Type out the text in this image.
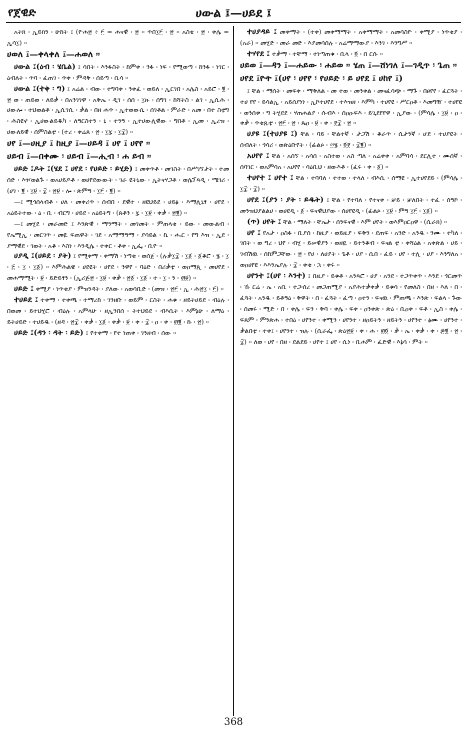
የጀዊድ	ሀውል ፤—ሀይደ ፤

አትክ ፡ ኢይክን ፡ ሁከት ፤ (ዮሐ፳ ፥ ፫ = ሐናዊ ፡ ፳ ። ጥበ፲፫ ፡ ፳ ። አስቴ ፡ ፳ ፡ ቀሌ = ኢሳ፲) ።

ሀወለ ፤—ቀላቀለ ፤—ሐወለ ።

ሀውል ፤(ዕብ ፡ ሄቤል) ፤ ሳበት ፡ እንፋስት ፡ ከምቀ ፡ ንፋ ፡ ነፍ ፡ የሚወጣ ፡ ከንፋ ፡ ነገር ፡ ዕብለት ፡ ጥባ ፡ ፈጠገ ፡ ጥቀ ፡ ምዳቅ ፡ ሰይጣ ፡ ቢሳ ።

ሀውል ፤(ተቀ ፡ ግ) ፤ አሬል ፡ ብው ፡ ተግባቀ ፡ ንቀፈ ፡ ወይለ ፡ ኢርገበ ፡ አሌስ ፡ አይሮ ፡ ፪ ፡ ፳ ወ ፡ ጠይወ ፡ ለይቃ ፡ በአንገገዋ ፡ አቅኤ ፡ ዲገ ፡ ሰሰ ፡ ፲ዙ ፡ ሰግገ ፡ ከሻትስ ፡ ልገ ፡ ኢሲሕ ፡ ሀውሎ ፡ ተህወልቶ ፡ ኢሲገሲ ፡ ቃል ፡ በዘ ሐጥ ፡ ኢተወውሴ ፡ ሰገቶል ፡ ምራድ ፡ አመ ፡ በተ ስቲግ ፡ ሕስዩኖ ፡ ኢሀውልይዱካ ፡ ለዓርስተን ፡ ኒ ፡ ተንዓ ፡ ኢተሀውሊዊው ፡ ግበቶ ፡ ኢመ ፡ ኢረዝ ፡ ሀውለይዊ ፡ ሰምስልቲ ፡ (ተረ ፡ ቀሬጸ ፡ ፳ ፡ ፲፯ ፡ ፲፰) ።

ሀየ ፤—ሀዚያ ፤ ከዚያ ፤—ሀይዳ ፤ ሀየ ፤ ሀየየ ።

ሀይብ ፤—በቀሙ ፡ ሀይብ ፤—ሒብ ፡ ሐ ይብ ።

ሀይድ ፤ዶት ፤(ሄደ ፤ ሀየደ ፡ የሀይድ ፡ ይሂድ) ፤ መቀጥቶ ፡ መገስት ፡ በሥገኘታት ፡ ተመ ሰድ ፡ እዦወልጉ ፡ ወአሀይዶቶ ፡ ወሀየደውውት ፡ ገራ ዩትኒው ፡ ኢትናሃጋቶ ፡ ወሌፕጻዲ ፡ ሜገሪ ፡ (ሀገ ፡ ፪ ፡ ፲፱ ፡ ፰ ፡ ፳፱ ፡ ሎ ፡ ጽምዓ ፡ ፲፫ ፡ ፪) ።

—፤ ሚጎሰላብቶ ፡ ሀለ ፡ መቀሪጥ ፡ ሰብበ ፡ ደዊተ ፡ ዘዩህይደ ፡ ሀይፅ ፡ እማሊኒፃ ፡ ሀየደ ፡ አዕይትተው ፡ ዕ ፡ ቢ ፡ ብርግ ፡ ሀይደ ፡ አዕይትግ ፡ (ጸቶን ፡ ፯ ፡ ፲፱ ፡ ቀቃ ፡ ፳፪) ።

—፤ መሂደ ፡ መራመድ ፤ እንጽዊ ፡ ማንማት ፡ መገመት ፡ ምጠላቂ ፡ ይው ፡ መውልብ ፡ የኤሚኢ ፡ መርገጥ ፡ መዪ ፍጠዋት ፡ ገደ ፡ አማማዓማ ፡ ያሳይል ፡ ኬ ፡ ሑር ፡ የግ እዝ ፡ ኢደ ፡ ያማዊደ ፡ ገወት ፡ አቆ ፡ እስነ ፡ እንዲሌ ፡ ተቀር ፡ ቶቀ ፡ ኢፌ ፡ ቢዮ ።

ሀያዲ ፤(ሀይደ ፡ ያት) ፤ የሚቀማ ፡ ቀማሽ ፡ ነጣቂ ፡ ወሰጀ ፡ (ሉቃ፲፰ ፡ ፲፩ ፡ ፩ቆሮ ፡ ፮ ፡ ፲ ፡ ፭ ፡ ፲ ፡ ፲፩) ። እምሕልዌ ፡ ሀደዩት ፡ ሀየደ ፡ ንዋየ ፡ ባዕድ ፡ በሪቃቲ ፡ ወዐማጺ ፡ መሀየደ ፡ መሐማሚት ፡ ፱ ፡ ይድይፃን ፡ (ኢሪጅ፳ ፡ ፲፱ ፡ ቀቃ ፡ ፳፩ ፡ ፲፩ ፡ ተ ፡ ፲ ፡ ን ፡ ፴፱) ።

ሀይድ ፤ ቀሚያ ፡ ነጥቂያ ፡ ምዝንዳት ፡ ያለው ፡ አወሳቢድ ፡ (መዝ ፡ ፳፫ ፡ ኢ ፡ ሕ፳፲ ፡ ፫) ።

ተሀይደ ፤ ተቀማ ፡ ተቀጫ ፡ ተማረከ ፡ ገንዘቡ ፡ ወይም ፡ ርስት ፡ ሐቁ ፡ ዘይትሀይደ ፡ ብዕሉ ፡ በወመ ፡ ይተህሂሮ ፡ ብዕሉ ፡ አምላሁ ፡ ዘኢንበሰ ፡ ትተህይደ ፡ ብእሲት ፡ እምኔሁ ፡ ለማዕ ፡ ይትሀይድ ፡ ተሀይዱ ፡ (ዘዳ ፡ ፳፰ ፡ ቀቃ ፡ ፲፩ ፡ ቀቃ ፡ ፱ ፡ ቀ ፡ ፰ ፡ ዐ ፡ ቀ ፡ ፴፪ ፡ ኩ ፡ ፳) ።

ሀይድ ፤(ዳን ፡ ዳት ፡ ይድ) ፤ የተቀማ ፡ የተ ነጠቀ ፡ ገንዘብ ፡ ሰው ።

ተሀያዳይ ፤ መቀማት ፡ (ተቀ) መቀማማት ፡ አቀማማት ፡ አመሳስዮ ፡ ቀሚያ ፡ ነጥቂያ ፡ (አራ) ። መሂድ ፡ መራ መድ ፡ እያመሳሰሉ ፡ አሬማማውያ ፡ እንገ ፡ እንግሥ ።

ተሃየደ ፤ ተቃማ ፡ ተቸማ ፡ ተነጣጠቁ ፡ ቢላ ፡ ፬ ፡ በ ርሱ ።

ሀይወ ፤—ዳን ፤—ሐይው ፡ ሐይወ ። ሄጠ ፤—ሸነገለ ፤—ገዲጥ ፡ ጌጠ ።

ሀየደ ፤ዮት ፤(ሀየ ፡ ሀየየ ፡ የሀይድ ፡ ይ ሀየደ ፤ ሀከየ ፤)

፤ ቸል ፡ ማሰት ፡ መፍቀ ፡ ማቅለል ፡ መ ተወ ፡ መንቀል ፡ መናፈሳጭ ፡ ማጉ ፡ በፀየየ ፡ ፈርጓት ፡ ተሀ የየ ፡ ይሳልኢ ፡ አይሰያነነ ፡ ኢኮተሀየደ ፡ ተእዝዘ ፡ እምካ ፡ ተሀየዩ ፡ ሥርዐቶ ፡ እመግዥ ፡ ተሀየዩ ፡ ወንሰቱ ፡ ግ ትሂደደ ፡ ሃጠሐልያ ፡ ሱብእ ፡ ሰዐዑፍእ ፡ ይጊደየየዋ ፡ ኢያው ፡ (ምሳሌ ፡ ፲፱ ፡ ዐ ፡ ቀቃ ፡ ጥቂጹቲ ፡ ፳፫ ፡ ፳ ፡ ጼዐ ፡ ፱ ፡ ቀ ፡ ፻፰ ፡ ፳ ።

ሀያዩ ፤(ተሀያዩ ፤) ቸል ፡ ባይ ፡ ቸልተኛ ፡ ታጋሽ ፡ ቆራጥ ፡ ሲታንኛ ፡ ሆደ ፡ ተሀያዩት ፡ ሰብለት ፡ ጎሳሪ ፡ ወጽዕቡየት ፡ (ፊልጶ ፡ ፵፮ ፡ ፬፻ ፡ ፰፪) ።

አሀየየ ፤ ቸል ፡ አሰኘ ፡ አሳሰ ፡ አስተወ ፡ አስ ጣለ ፡ አሬቀቀ ፡ አምባሳ ፡ ደርሊተ ፡ ሙሰኛ ፡ ሰባገር ፡ ወአምሳአ ፡ አሀየየ ፡ ሳዕቢህ ፡ ዘውእቶ ፡ (ፈሩ ፡ ቀ ፡ ፩) ።

ተሀየተ ፤ ሀየተ ፤ ቸል ፡ ተባባለ ፡ ተተወ ፡ ተላለ ፡ ብእሲ ፡ ሰማዩ ፡ ኢተሀየደይ ፡ (ምሳሌ ፡ ፲፰ ፡ ፰) ።

ሀየደ ፤(ያን ፡ ያት ፡ ይዱት) ፤ ቸል ፡ የተባለ ፡ የተናቀ ፡ ቻይ ፡ ቻለበት ፡ ተፈ ፡ ሰዓኮ ፡ መንዝህያልልሀ ፡ ወሀዩዲ ፡ ፩ ፡ ፍናዊህያው ፡ ሰሀየዩዲ ፡ (ፊልጶ ፡ ፲፱ ፡ ምዓ ፲፫ ፡ ፲፩) ።

(ጥ) ሀየት ፤ ቸል ፡ ማለት ፡ ቸኤታ ፡ ሰንፍናዊ ፡ እም ሀየት ፡ ወእምዐርዐዋ ፡ (ሲራክ) ።

ሀየ ፤ የአታ ፡ ዐስፋ ፡ ቢያሰ ፡ ከዚያ ፡ ወይዚያ ፡ ፍቅን ፡ ደጠፍ ፡ አንድ ፡ አንዱ ፡ ንሙ ፡ ተካለ ፡ ገበት ፡ ወ ግረ ፡ ህየ ፡ ብሂ ፡ ይሠዊያን ፡ ወዘዪ ፡ ይተንቆብ ፡ ፍናል ቲ ፡ ቀሻዕል ፡ አቀጽል ፡ ሀይ ፡ ገብሽዉ ፡ ሰከምጋቸው ፡ ፳ ፡ የሀ ፡ ለሀያት ፡ ጌቶ ፡ ሀያ ፡ ሲበ ፡ ፈይ ፡ ሀየ ፡ ተሊ ፡ ሀያ ፡ እንግለአ ፡ ወዐሀየዩ ፡ እእንኤያሉ ፡ ፰ ፡ ቀቂ ፡ ኋ ፡ ቀሩ ።

ሀየንተ ፤(ሀየ ፡ እንተ) ፤ በዚያ ፡ ይቁቶ ፡ አንጻሮ ፡ ሀያ ፡ አንደ ፡ ተጋጥቀጥ ፡ እንደ ፡ ጎርመጥ ፡ ኹ ርሬ ፡ ኤ ፡ አቢ ፡ ተጋ፡ሰረ ፡ መጋጠሚያ ፡ አያሕተቃቀቃ ፡ ይቁሳ ፡ የመለስ ፡ በዘ ፡ እለ ፡ በ ፡ ፈጓት ፡ አንዱ ፡ ይቶዓዕ ፡ ቅዋት ፡ በ ፡ ፈጓት ፡ ፈጣ ፡ ዐተን ፡ ፍናዉ ፡ ምጠጫ ፡ እንጽ ፡ ፍልላ ፡ ጉው ፡ ሰመሩ ፡ ሚድ ፡ በ ፡ ቀሌ ፡ ፍን ፡ ቅባ ፡ ቀሌ ፡ ፍቀ ፡ ዐንቀጽ ፡ ጽዕ ፡ ቢዐቀ ፡ ፍቶ ፡ ኢስ ፡ ቀሌ ፡ ፍጸም ፡ ምንጽሐ ፡ ተበዕ ፡ ሀየንተ ፡ ቀሚን ፡ ሀየንተ ፡ ዘዐይትን ፡ ዘይትን ፡ ሀየንተ ፡ ፅሙ ፡ ሀየንተ ፡ ቃልበቲ ፡ ተቀ፤ ፡ ሀየንተ ፡ ዝሉ ፡ (ሲራፌ ፡ ጽዕ፳፱ ፡ ቀ ፡ ሐ ፡ ፴፬ ፡ ቃ ፡ ኤ ፡ ቀቃ ፡ ቀ ፡ ፷፪ ፡ ፳ ፡ ፰) ። ለወ ፡ ሀየ ፡ በዘ ፡ ደልደይ ፡ ሀየተ ፤ ሀየ ፡ ሲነ ፡ ቢሐም ፡ ፈድዊ ፡ እኔሳ ፡ ምት ።

368
